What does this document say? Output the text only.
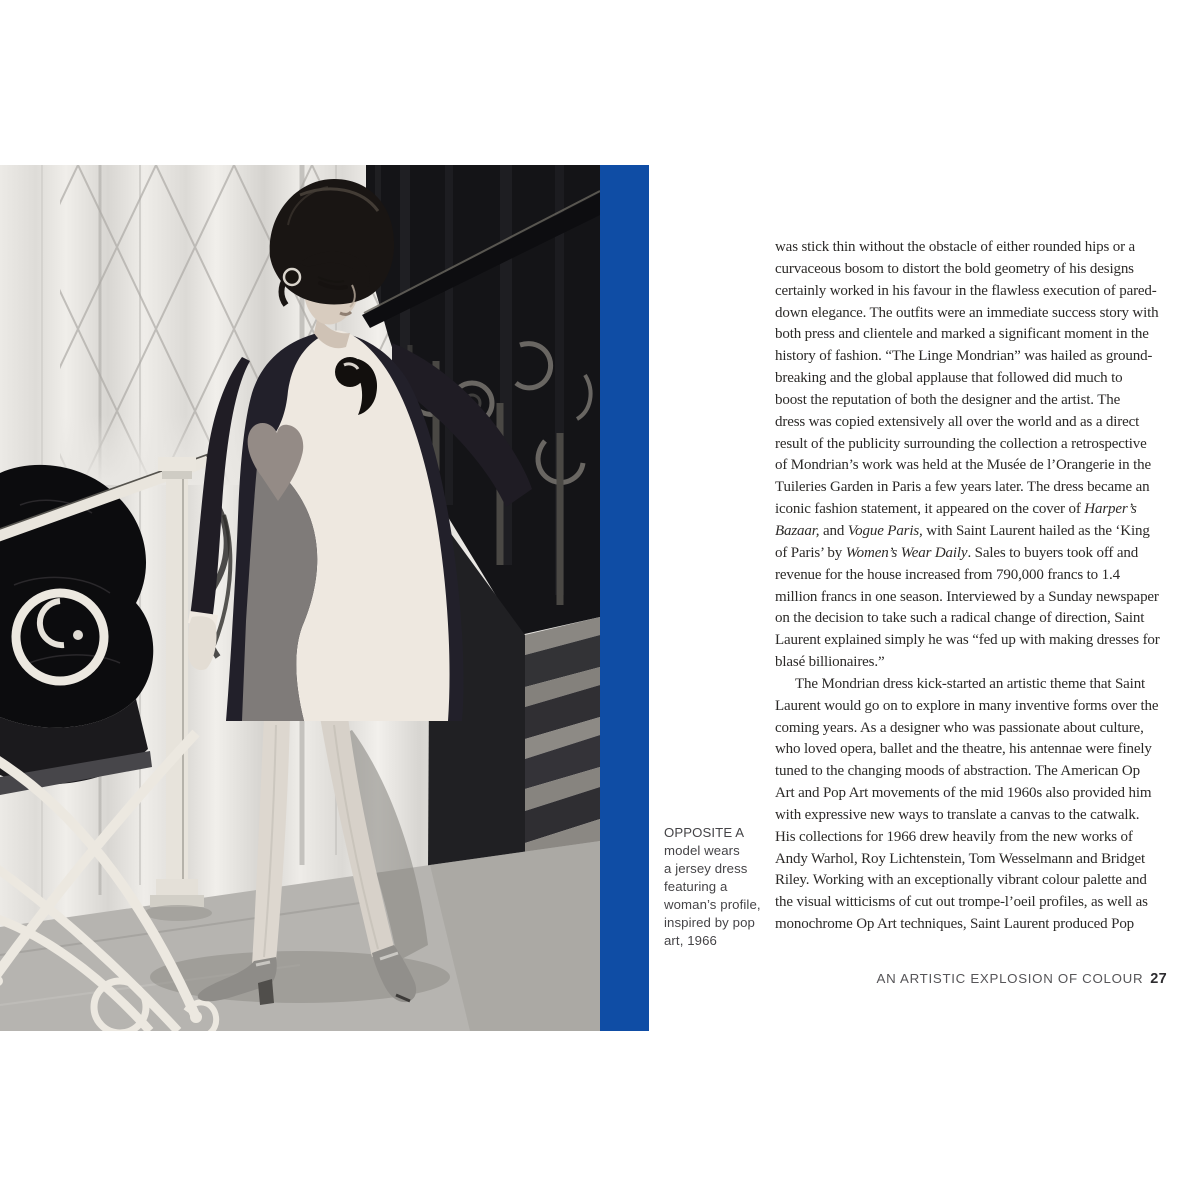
OPPOSITE A
model wears
a jersey dress
featuring a
woman’s profile,
inspired by pop
art, 1966
was stick thin without the obstacle of either rounded hips or a
curvaceous bosom to distort the bold geometry of his designs
certainly worked in his favour in the flawless execution of pared-
down elegance. The outfits were an immediate success story with
both press and clientele and marked a significant moment in the
history of fashion. “The Linge Mondrian” was hailed as ground-
breaking and the global applause that followed did much to
boost the reputation of both the designer and the artist. The
dress was copied extensively all over the world and as a direct
result of the publicity surrounding the collection a retrospective
of Mondrian’s work was held at the Musée de l’Orangerie in the
Tuileries Garden in Paris a few years later. The dress became an
iconic fashion statement, it appeared on the cover of Harper’s
Bazaar, and Vogue Paris, with Saint Laurent hailed as the ‘King
of Paris’ by Women’s Wear Daily. Sales to buyers took off and
revenue for the house increased from 790,000 francs to 1.4
million francs in one season. Interviewed by a Sunday newspaper
on the decision to take such a radical change of direction, Saint
Laurent explained simply he was “fed up with making dresses for
blasé billionaires.”
The Mondrian dress kick-started an artistic theme that Saint
Laurent would go on to explore in many inventive forms over the
coming years. As a designer who was passionate about culture,
who loved opera, ballet and the theatre, his antennae were finely
tuned to the changing moods of abstraction. The American Op
Art and Pop Art movements of the mid 1960s also provided him
with expressive new ways to translate a canvas to the catwalk.
His collections for 1966 drew heavily from the new works of
Andy Warhol, Roy Lichtenstein, Tom Wesselmann and Bridget
Riley. Working with an exceptionally vibrant colour palette and
the visual witticisms of cut out trompe-l’oeil profiles, as well as
monochrome Op Art techniques, Saint Laurent produced Pop
AN ARTISTIC EXPLOSION OF COLOUR 27
